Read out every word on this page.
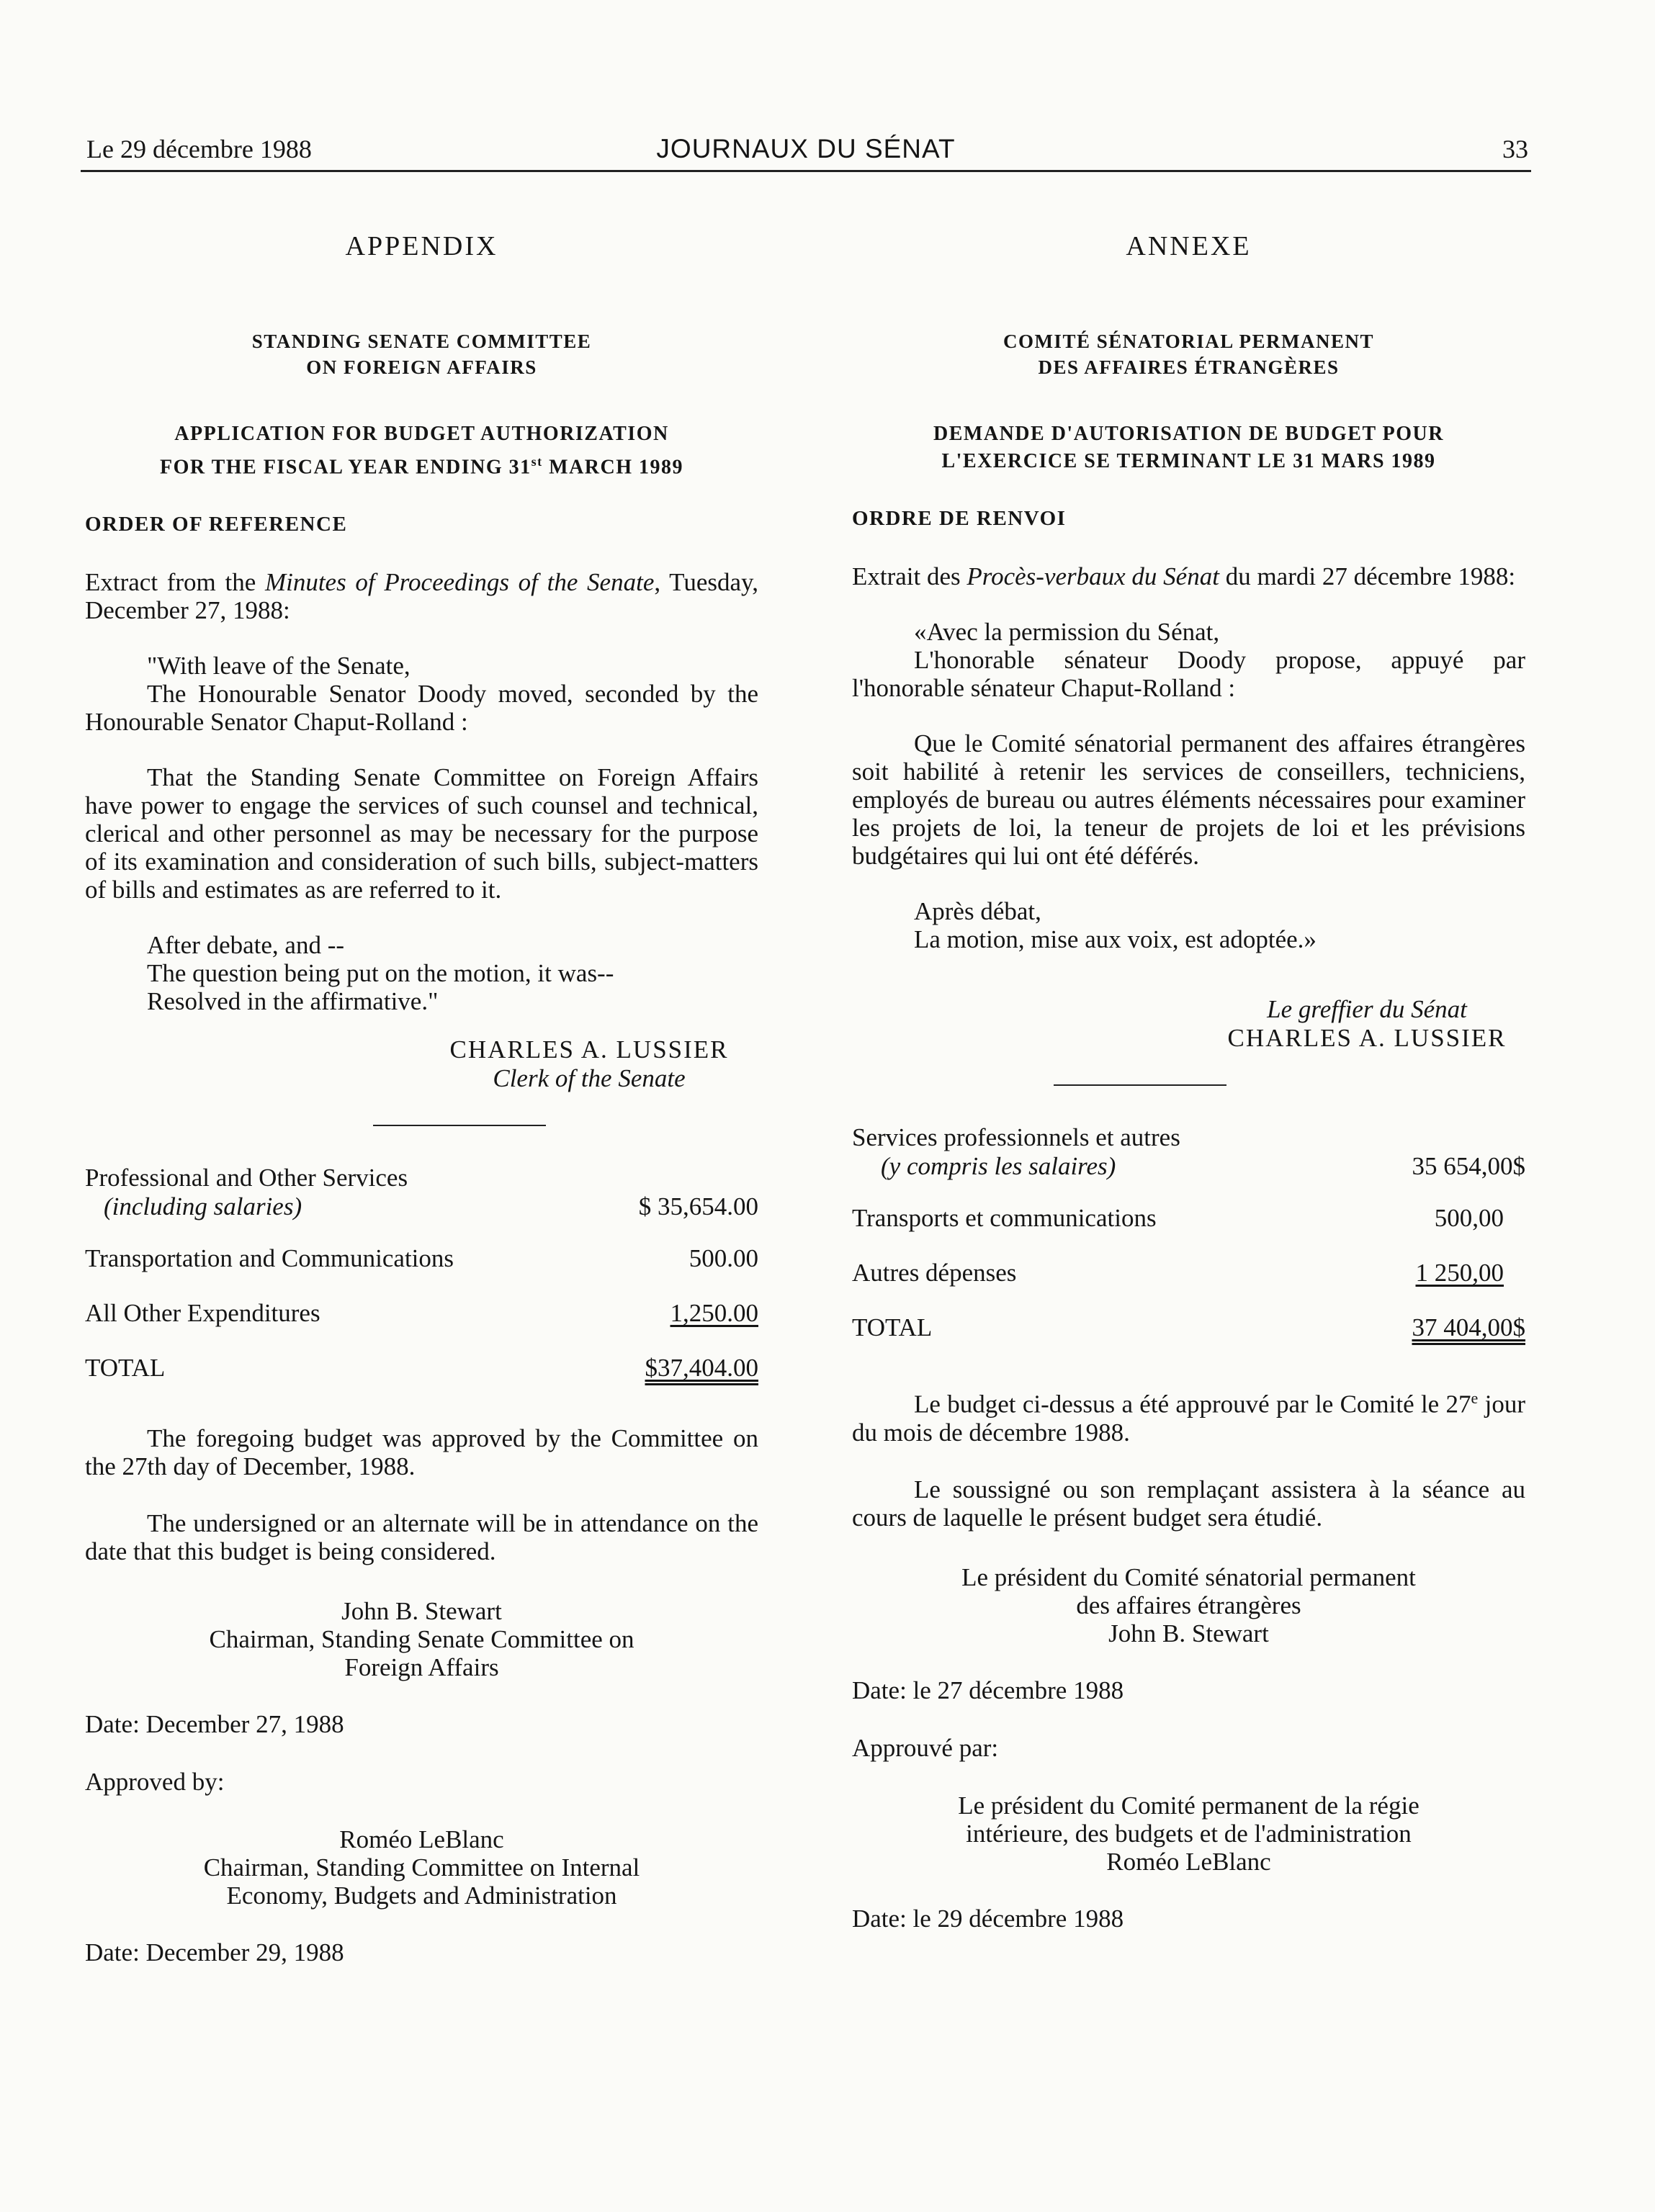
Le 29 décembre 1988	JOURNAUX DU SÉNAT	33
APPENDIX
STANDING SENATE COMMITTEE
ON FOREIGN AFFAIRS
APPLICATION FOR BUDGET AUTHORIZATION
FOR THE FISCAL YEAR ENDING 31st MARCH 1989
ORDER OF REFERENCE

Extract from the Minutes of Proceedings of the Senate, Tuesday, December 27, 1988:

"With leave of the Senate,

The Honourable Senator Doody moved, seconded by the Honourable Senator Chaput-Rolland :

That the Standing Senate Committee on Foreign Affairs have power to engage the services of such counsel and technical, clerical and other personnel as may be necessary for the purpose of its examination and consideration of such bills, subject-matters of bills and estimates as are referred to it.

After debate, and --

The question being put on the motion, it was--

Resolved in the affirmative."

CHARLES A. LUSSIER
Clerk of the Senate
Professional and Other Services
(including salaries)	$ 35,654.00
Transportation and Communications	500.00
All Other Expenditures	1,250.00
TOTAL	$37,404.00

The foregoing budget was approved by the Committee on the 27th day of December, 1988.

The undersigned or an alternate will be in attendance on the date that this budget is being considered.

John B. Stewart

Chairman, Standing Senate Committee on

Foreign Affairs

Date: December 27, 1988
Approved by:

Roméo LeBlanc

Chairman, Standing Committee on Internal

Economy, Budgets and Administration

Date: December 29, 1988
ANNEXE
COMITÉ SÉNATORIAL PERMANENT
DES AFFAIRES ÉTRANGÈRES
DEMANDE D'AUTORISATION DE BUDGET POUR
L'EXERCICE SE TERMINANT LE 31 MARS 1989
ORDRE DE RENVOI

Extrait des Procès-verbaux du Sénat du mardi 27 décembre 1988:

«Avec la permission du Sénat,

L'honorable sénateur Doody propose, appuyé par l'honorable sénateur Chaput-Rolland :

Que le Comité sénatorial permanent des affaires étrangères soit habilité à retenir les services de conseillers, techniciens, employés de bureau ou autres éléments nécessaires pour examiner les projets de loi, la teneur de projets de loi et les prévisions budgétaires qui lui ont été déférés.

Après débat,

La motion, mise aux voix, est adoptée.»

Le greffier du Sénat
CHARLES A. LUSSIER
Services professionnels et autres
(y compris les salaires)	35 654,00$
Transports et communications	500,00
Autres dépenses	1 250,00
TOTAL	37 404,00$

Le budget ci-dessus a été approuvé par le Comité le 27e jour du mois de décembre 1988.

Le soussigné ou son remplaçant assistera à la séance au cours de laquelle le présent budget sera étudié.

Le président du Comité sénatorial permanent

des affaires étrangères

John B. Stewart

Date: le 27 décembre 1988
Approuvé par:

Le président du Comité permanent de la régie

intérieure, des budgets et de l'administration

Roméo LeBlanc

Date: le 29 décembre 1988
